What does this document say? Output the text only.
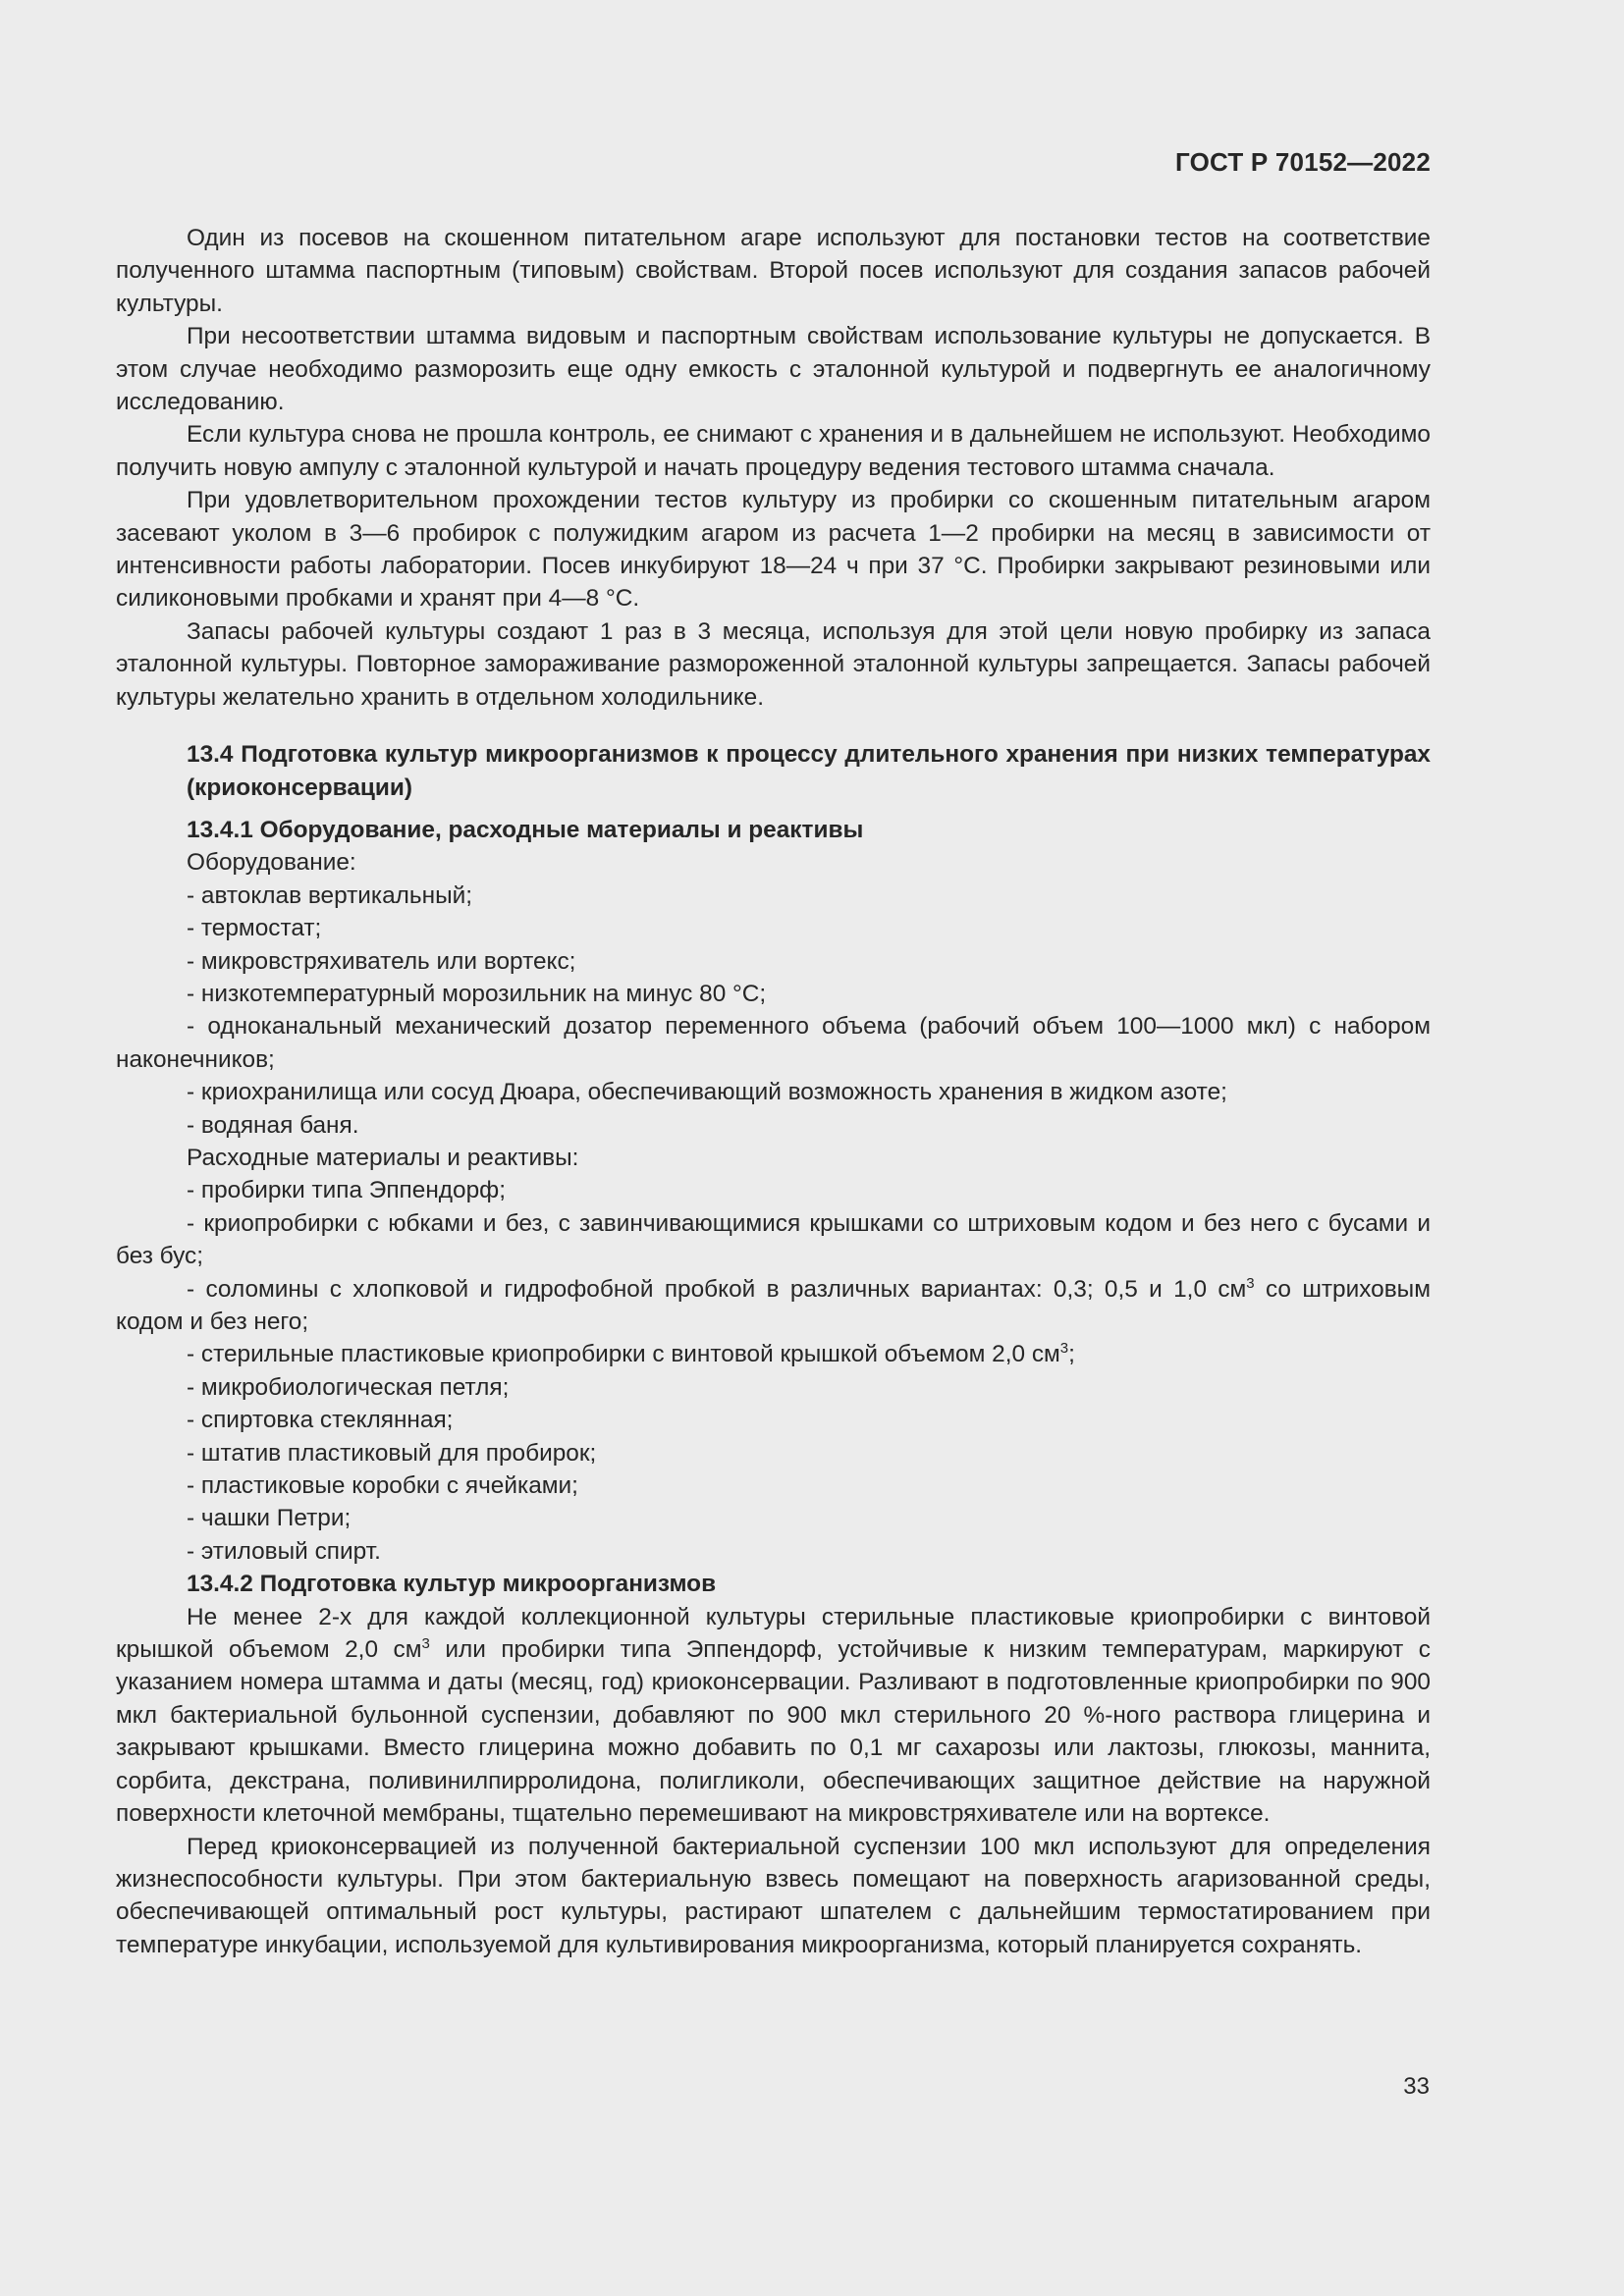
ГОСТ Р 70152—2022

Один из посевов на скошенном питательном агаре используют для постановки тестов на соответствие полученного штамма паспортным (типовым) свойствам. Второй посев используют для создания запасов рабочей культуры.

При несоответствии штамма видовым и паспортным свойствам использование культуры не допускается. В этом случае необходимо разморозить еще одну емкость с эталонной культурой и подвергнуть ее аналогичному исследованию.

Если культура снова не прошла контроль, ее снимают с хранения и в дальнейшем не используют. Необходимо получить новую ампулу с эталонной культурой и начать процедуру ведения тестового штамма сначала.

При удовлетворительном прохождении тестов культуру из пробирки со скошенным питательным агаром засевают уколом в 3—6 пробирок с полужидким агаром из расчета 1—2 пробирки на месяц в зависимости от интенсивности работы лаборатории. Посев инкубируют 18—24 ч при 37 °C. Пробирки закрывают резиновыми или силиконовыми пробками и хранят при 4—8 °C.

Запасы рабочей культуры создают 1 раз в 3 месяца, используя для этой цели новую пробирку из запаса эталонной культуры. Повторное замораживание размороженной эталонной культуры запрещается. Запасы рабочей культуры желательно хранить в отдельном холодильнике.

13.4 Подготовка культур микроорганизмов к процессу длительного хранения при низких температурах (криоконсервации)

13.4.1 Оборудование, расходные материалы и реактивы

Оборудование:

- автоклав вертикальный;

- термостат;

- микровстряхиватель или вортекс;

- низкотемпературный морозильник на минус 80 °C;

- одноканальный механический дозатор переменного объема (рабочий объем 100—1000 мкл) с набором наконечников;

- криохранилища или сосуд Дюара, обеспечивающий возможность хранения в жидком азоте;

- водяная баня.

Расходные материалы и реактивы:

- пробирки типа Эппендорф;

- криопробирки с юбками и без, с завинчивающимися крышками со штриховым кодом и без него с бусами и без бус;

- соломины с хлопковой и гидрофобной пробкой в различных вариантах: 0,3; 0,5 и 1,0 $см^3$ со штриховым кодом и без него;

- стерильные пластиковые криопробирки с винтовой крышкой объемом 2,0 $см^3$;

- микробиологическая петля;

- спиртовка стеклянная;

- штатив пластиковый для пробирок;

- пластиковые коробки с ячейками;

- чашки Петри;

- этиловый спирт.

13.4.2 Подготовка культур микроорганизмов

Не менее 2-х для каждой коллекционной культуры стерильные пластиковые криопробирки с винтовой крышкой объемом 2,0 $см^3$ или пробирки типа Эппендорф, устойчивые к низким температурам, маркируют с указанием номера штамма и даты (месяц, год) криоконсервации. Разливают в подготовленные криопробирки по 900 мкл бактериальной бульонной суспензии, добавляют по 900 мкл стерильного 20 %-ного раствора глицерина и закрывают крышками. Вместо глицерина можно добавить по 0,1 мг сахарозы или лактозы, глюкозы, маннита, сорбита, декстрана, поливинилпирролидона, полигликоли, обеспечивающих защитное действие на наружной поверхности клеточной мембраны, тщательно перемешивают на микровстряхивателе или на вортексе.

Перед криоконсервацией из полученной бактериальной суспензии 100 мкл используют для определения жизнеспособности культуры. При этом бактериальную взвесь помещают на поверхность агаризованной среды, обеспечивающей оптимальный рост культуры, растирают шпателем с дальнейшим термостатированием при температуре инкубации, используемой для культивирования микроорганизма, который планируется сохранять.

33
